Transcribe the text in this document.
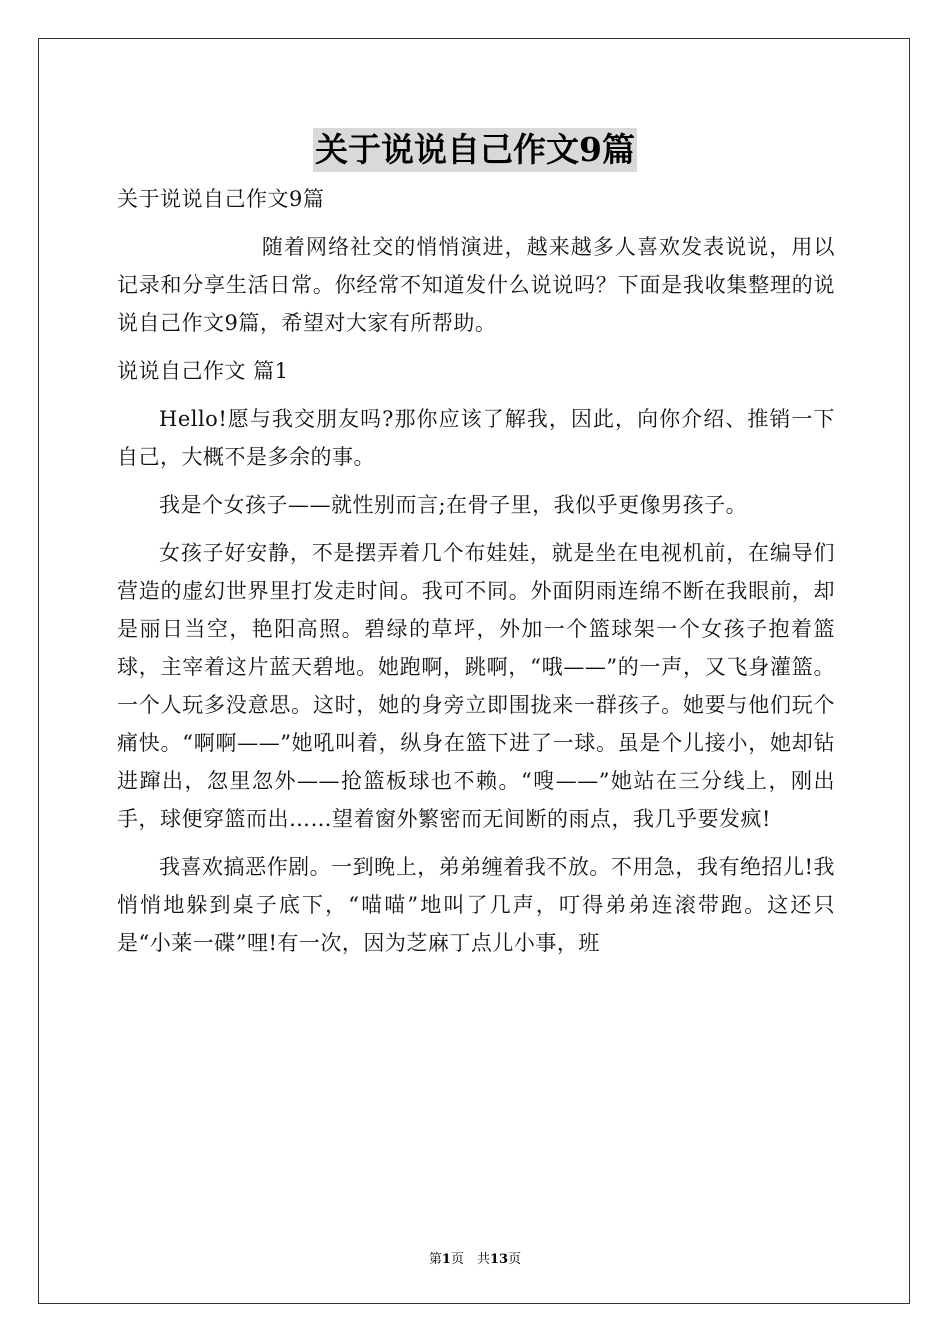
关于说说自己作文9篇

关于说说自己作文9篇

随着网络社交的悄悄演进，越来越多人喜欢发表说说，用以记录和分享生活日常。你经常不知道发什么说说吗？下面是我收集整理的说说自己作文9篇，希望对大家有所帮助。

说说自己作文 篇1

Hello!愿与我交朋友吗?那你应该了解我，因此，向你介绍、推销一下自己，大概不是多余的事。

我是个女孩子——就性别而言;在骨子里，我似乎更像男孩子。

女孩子好安静，不是摆弄着几个布娃娃，就是坐在电视机前，在编导们营造的虚幻世界里打发走时间。我可不同。外面阴雨连绵不断在我眼前，却是丽日当空，艳阳高照。碧绿的草坪，外加一个篮球架一个女孩子抱着篮球，主宰着这片蓝天碧地。她跑啊，跳啊，“哦——”的一声，又飞身灌篮。一个人玩多没意思。这时，她的身旁立即围拢来一群孩子。她要与他们玩个痛快。“啊啊——”她吼叫着，纵身在篮下进了一球。虽是个儿接小，她却钻进蹿出，忽里忽外——抢篮板球也不赖。“嗖——”她站在三分线上，刚出手，球便穿篮而出……望着窗外繁密而无间断的雨点，我几乎要发疯!

我喜欢搞恶作剧。一到晚上，弟弟缠着我不放。不用急，我有绝招儿!我悄悄地躲到桌子底下，“喵喵”地叫了几声，叮得弟弟连滚带跑。这还只是“小莱一碟”哩!有一次，因为芝麻丁点儿小事，班

第1页　共13页
